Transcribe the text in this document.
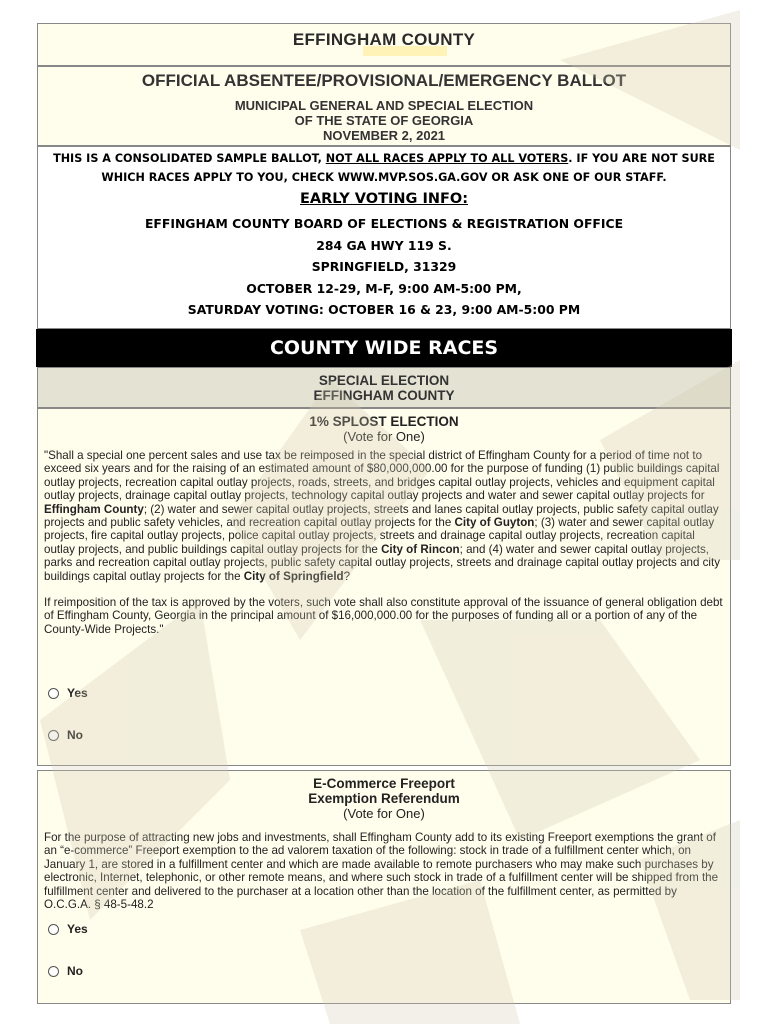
EFFINGHAM COUNTY
OFFICIAL ABSENTEE/PROVISIONAL/EMERGENCY BALLOT
MUNICIPAL GENERAL AND SPECIAL ELECTION
OF THE STATE OF GEORGIA
NOVEMBER 2, 2021
THIS IS A CONSOLIDATED SAMPLE BALLOT, NOT ALL RACES APPLY TO ALL VOTERS. IF YOU ARE NOT SURE WHICH RACES APPLY TO YOU, CHECK WWW.MVP.SOS.GA.GOV OR ASK ONE OF OUR STAFF.
EARLY VOTING INFO:
EFFINGHAM COUNTY BOARD OF ELECTIONS & REGISTRATION OFFICE
284 GA HWY 119 S.
SPRINGFIELD, 31329
OCTOBER 12-29, M-F, 9:00 AM-5:00 PM,
SATURDAY VOTING: OCTOBER 16 & 23, 9:00 AM-5:00 PM
COUNTY WIDE RACES
SPECIAL ELECTION
EFFINGHAM COUNTY
1% SPLOST ELECTION
(Vote for One)
"Shall a special one percent sales and use tax be reimposed in the special district of Effingham County for a period of time not to exceed six years and for the raising of an estimated amount of $80,000,000.00 for the purpose of funding (1) public buildings capital outlay projects, recreation capital outlay projects, roads, streets, and bridges capital outlay projects, vehicles and equipment capital outlay projects, drainage capital outlay projects, technology capital outlay projects and water and sewer capital outlay projects for Effingham County; (2) water and sewer capital outlay projects, streets and lanes capital outlay projects, public safety capital outlay projects and public safety vehicles, and recreation capital outlay projects for the City of Guyton; (3) water and sewer capital outlay projects, fire capital outlay projects, police capital outlay projects, streets and drainage capital outlay projects, recreation capital outlay projects, and public buildings capital outlay projects for the City of Rincon; and (4) water and sewer capital outlay projects, parks and recreation capital outlay projects, public safety capital outlay projects, streets and drainage capital outlay projects and city buildings capital outlay projects for the City of Springfield?
If reimposition of the tax is approved by the voters, such vote shall also constitute approval of the issuance of general obligation debt of Effingham County, Georgia in the principal amount of $16,000,000.00 for the purposes of funding all or a portion of any of the County-Wide Projects."
Yes
No
E-Commerce Freeport
Exemption Referendum
(Vote for One)
For the purpose of attracting new jobs and investments, shall Effingham County add to its existing Freeport exemptions the grant of an “e-commerce” Freeport exemption to the ad valorem taxation of the following: stock in trade of a fulfillment center which, on January 1, are stored in a fulfillment center and which are made available to remote purchasers who may make such purchases by electronic, Internet, telephonic, or other remote means, and where such stock in trade of a fulfillment center will be shipped from the fulfillment center and delivered to the purchaser at a location other than the location of the fulfillment center, as permitted by O.C.G.A. § 48-5-48.2
Yes
No
